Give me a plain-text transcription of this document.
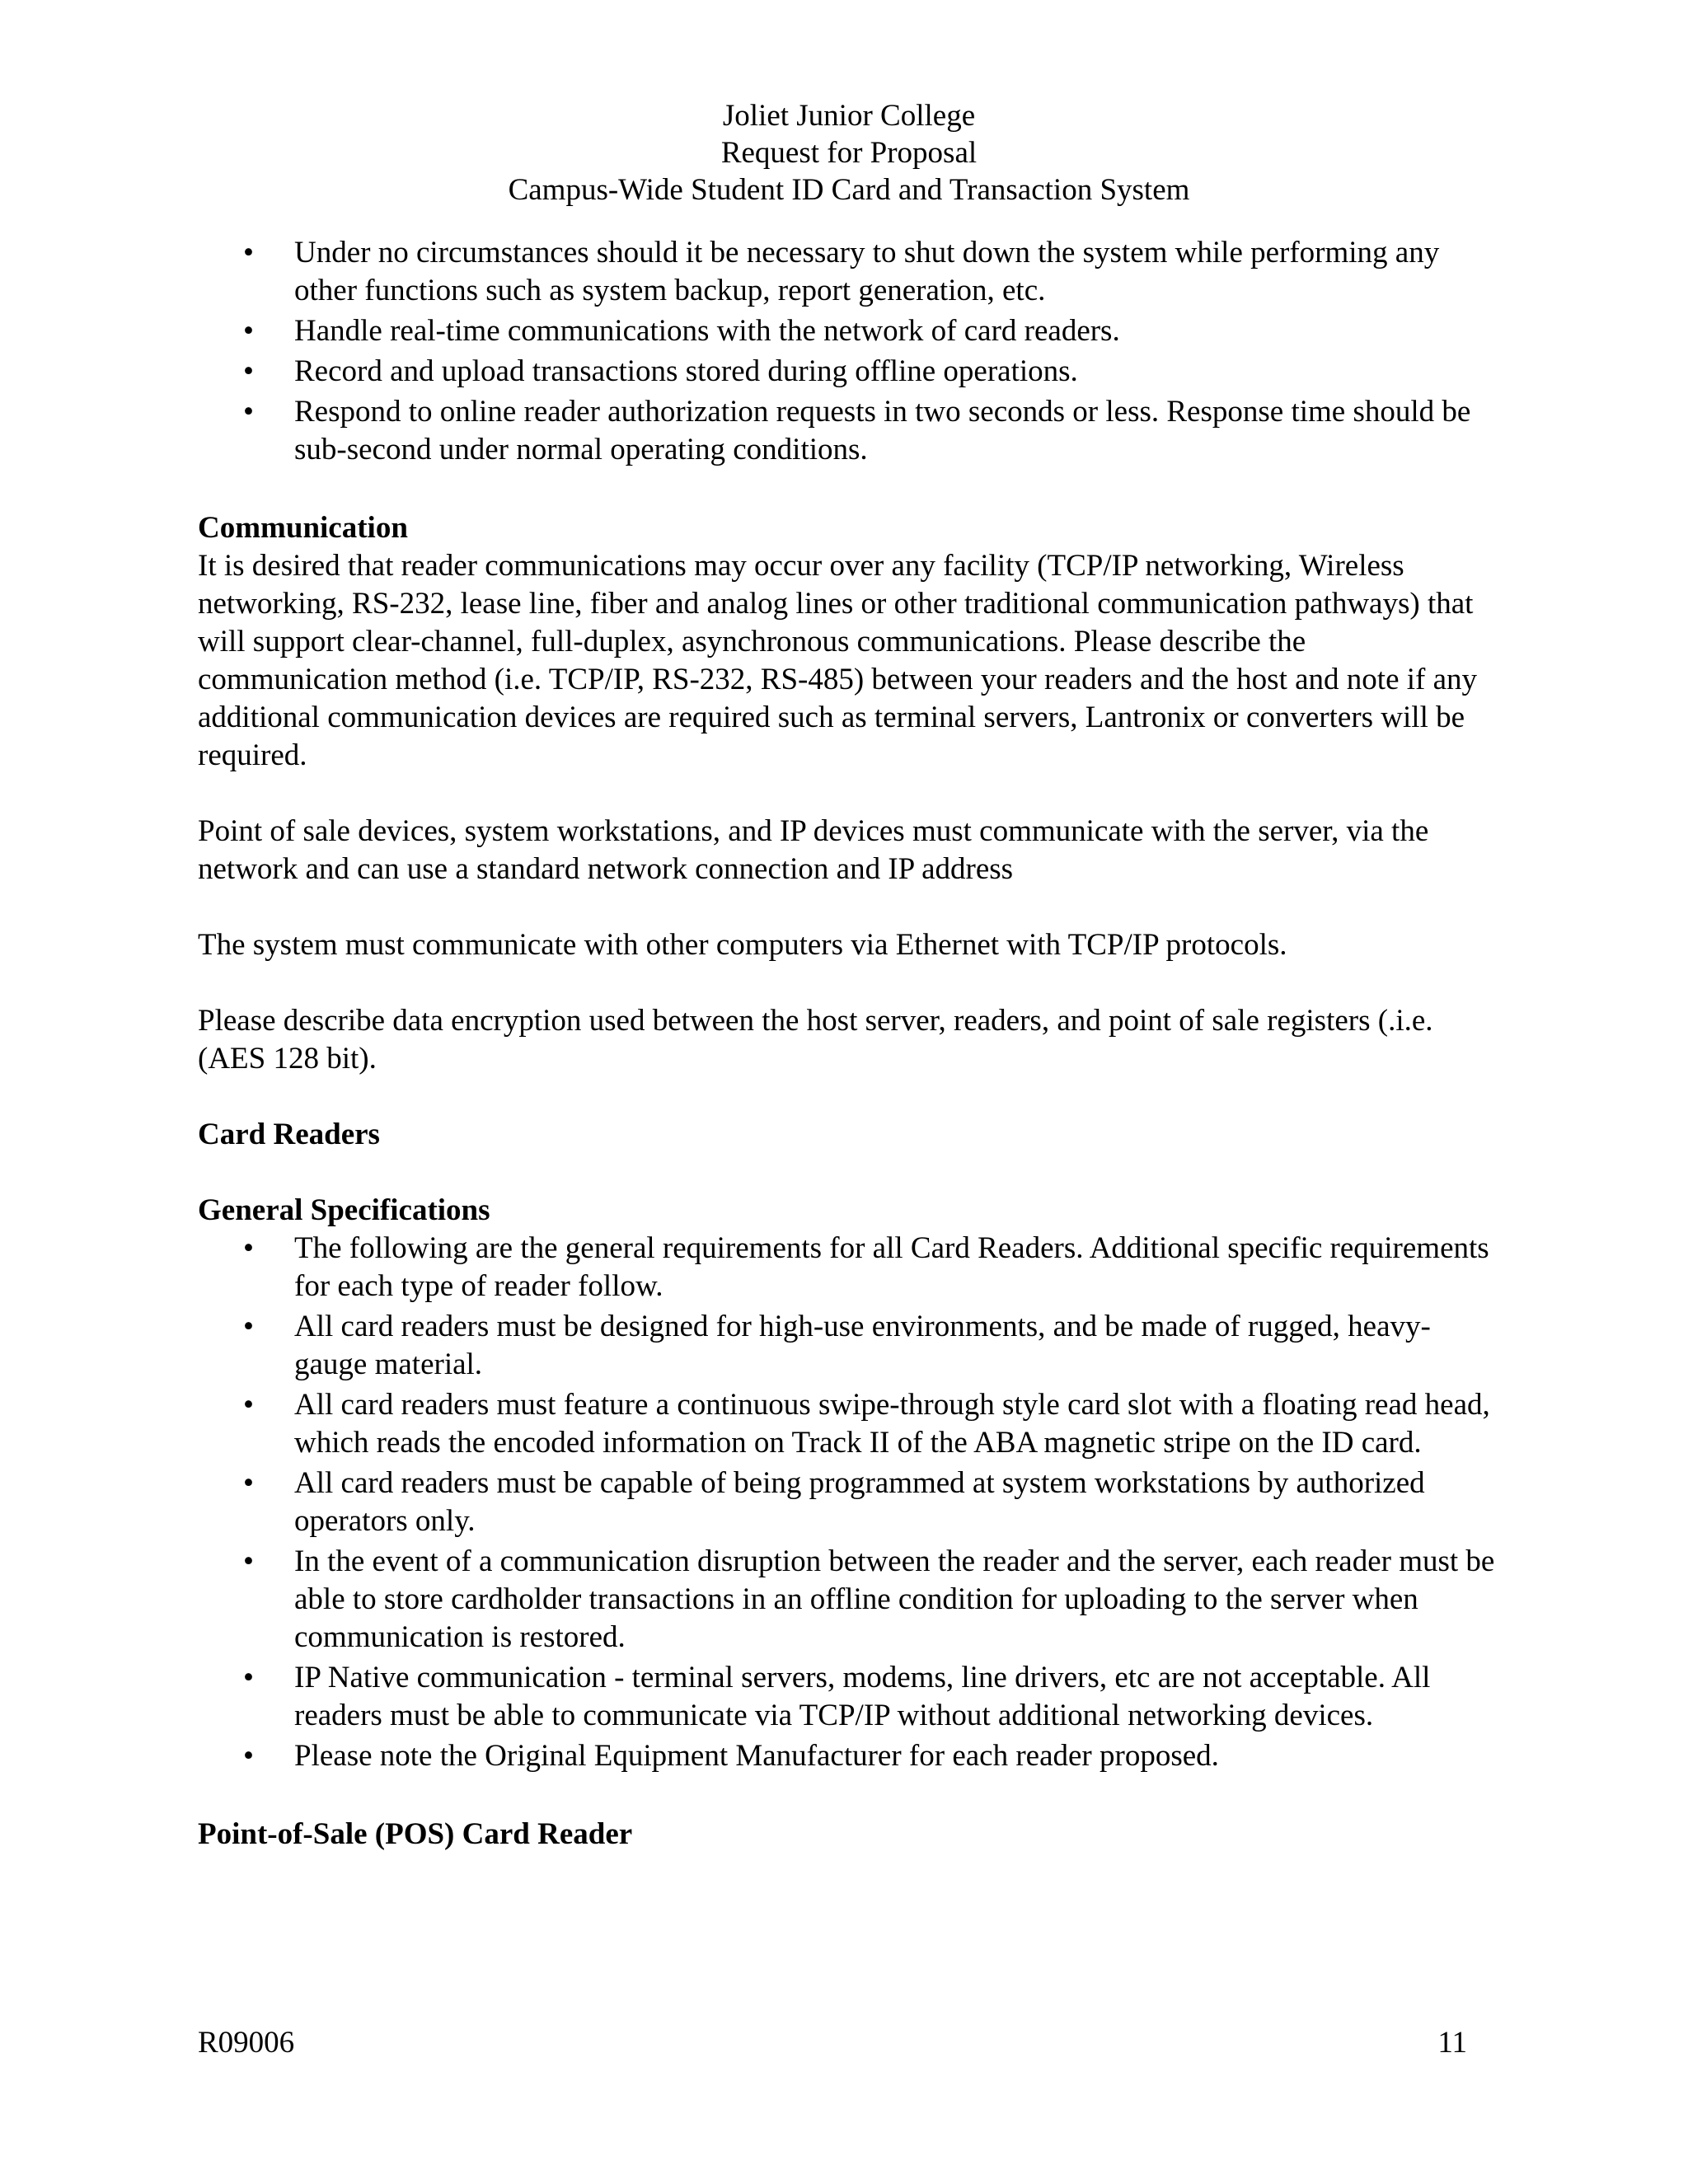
Joliet Junior College
Request for Proposal
Campus-Wide Student ID Card and Transaction System
• Under no circumstances should it be necessary to shut down the system while performing any other functions such as system backup, report generation, etc.
• Handle real-time communications with the network of card readers.
• Record and upload transactions stored during offline operations.
• Respond to online reader authorization requests in two seconds or less. Response time should be sub-second under normal operating conditions.
Communication

It is desired that reader communications may occur over any facility (TCP/IP networking, Wireless networking, RS-232, lease line, fiber and analog lines or other traditional communication pathways) that will support clear-channel, full-duplex, asynchronous communications. Please describe the communication method (i.e. TCP/IP, RS-232, RS-485) between your readers and the host and note if any additional communication devices are required such as terminal servers, Lantronix or converters will be required.

Point of sale devices, system workstations, and IP devices must communicate with the server, via the network and can use a standard network connection and IP address

The system must communicate with other computers via Ethernet with TCP/IP protocols.

Please describe data encryption used between the host server, readers, and point of sale registers (.i.e. (AES 128 bit).

Card Readers
General Specifications
• The following are the general requirements for all Card Readers. Additional specific requirements for each type of reader follow.
• All card readers must be designed for high-use environments, and be made of rugged, heavy-gauge material.
• All card readers must feature a continuous swipe-through style card slot with a floating read head, which reads the encoded information on Track II of the ABA magnetic stripe on the ID card.
• All card readers must be capable of being programmed at system workstations by authorized operators only.
• In the event of a communication disruption between the reader and the server, each reader must be able to store cardholder transactions in an offline condition for uploading to the server when communication is restored.
• IP Native communication - terminal servers, modems, line drivers, etc are not acceptable. All readers must be able to communicate via TCP/IP without additional networking devices.
• Please note the Original Equipment Manufacturer for each reader proposed.
Point-of-Sale (POS) Card Reader
R09006	11
